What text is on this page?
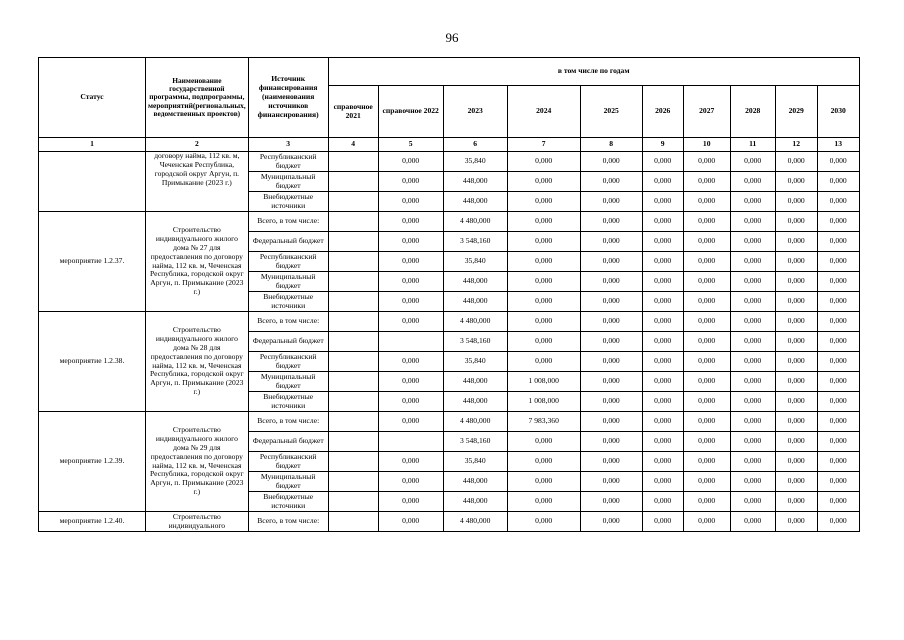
96
Статус	Наименование государственной программы, подпрограммы, мероприятий(региональных, ведомственных проектов)	Источник финансирования (наименования источников финансирования)	в том числе по годам									
			справочное 2021	справочное 2022	2023	2024	2025	2026	2027	2028	2029	2030
1	2	3	4	5	6	7	8	9	10	11	12	13
	договору найма, 112 кв. м, Чеченская Республика, городской округ Аргун, п. Примыкание (2023 г.)	Республиканский бюджет		0,000	35,840	0,000	0,000	0,000	0,000	0,000	0,000	0,000
		Муниципальный бюджет		0,000	448,000	0,000	0,000	0,000	0,000	0,000	0,000	0,000
		Внебюджетные источники		0,000	448,000	0,000	0,000	0,000	0,000	0,000	0,000	0,000
мероприятие 1.2.37.	Строительство индивидуального жилого дома № 27 для предоставления по договору найма, 112 кв. м, Чеченская Республика, городской округ Аргун, п. Примыкание (2023 г.)	Всего, в том числе:		0,000	4 480,000	0,000	0,000	0,000	0,000	0,000	0,000	0,000
		Федеральный бюджет		0,000	3 548,160	0,000	0,000	0,000	0,000	0,000	0,000	0,000
		Республиканский бюджет		0,000	35,840	0,000	0,000	0,000	0,000	0,000	0,000	0,000
		Муниципальный бюджет		0,000	448,000	0,000	0,000	0,000	0,000	0,000	0,000	0,000
		Внебюджетные источники		0,000	448,000	0,000	0,000	0,000	0,000	0,000	0,000	0,000
мероприятие 1.2.38.	Строительство индивидуального жилого дома № 28 для предоставления по договору найма, 112 кв. м, Чеченская Республика, городской округ Аргун, п. Примыкание (2023 г.)	Всего, в том числе:		0,000	4 480,000	0,000	0,000	0,000	0,000	0,000	0,000	0,000
		Федеральный бюджет			3 548,160	0,000	0,000	0,000	0,000	0,000	0,000	0,000
		Республиканский бюджет		0,000	35,840	0,000	0,000	0,000	0,000	0,000	0,000	0,000
		Муниципальный бюджет		0,000	448,000	1 008,000	0,000	0,000	0,000	0,000	0,000	0,000
		Внебюджетные источники		0,000	448,000	1 008,000	0,000	0,000	0,000	0,000	0,000	0,000
мероприятие 1.2.39.	Строительство индивидуального жилого дома № 29 для предоставления по договору найма, 112 кв. м, Чеченская Республика, городской округ Аргун, п. Примыкание (2023 г.)	Всего, в том числе:		0,000	4 480,000	7 983,360	0,000	0,000	0,000	0,000	0,000	0,000
		Федеральный бюджет			3 548,160	0,000	0,000	0,000	0,000	0,000	0,000	0,000
		Республиканский бюджет		0,000	35,840	0,000	0,000	0,000	0,000	0,000	0,000	0,000
		Муниципальный бюджет		0,000	448,000	0,000	0,000	0,000	0,000	0,000	0,000	0,000
		Внебюджетные источники		0,000	448,000	0,000	0,000	0,000	0,000	0,000	0,000	0,000
мероприятие 1.2.40.	Строительство индивидуального	Всего, в том числе:		0,000	4 480,000	0,000	0,000	0,000	0,000	0,000	0,000	0,000
